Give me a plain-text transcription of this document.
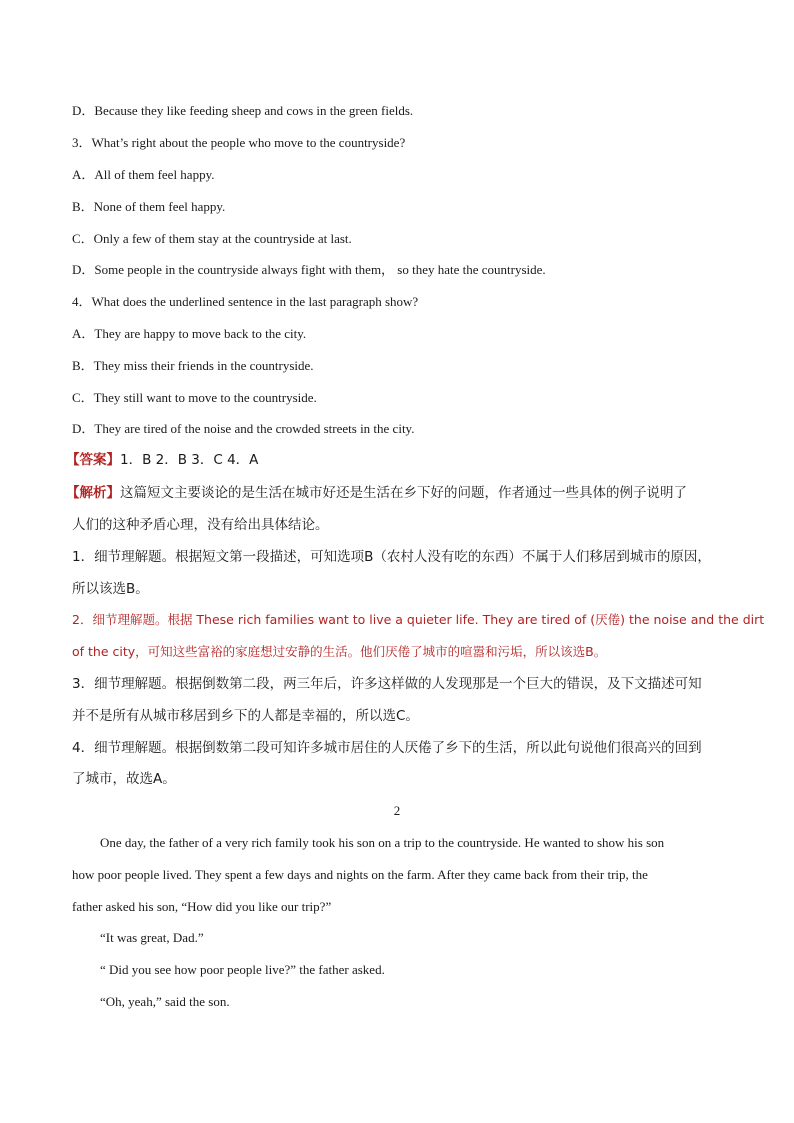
D．Because they like feeding sheep and cows in the green fields.
3．What’s right about the people who move to the countryside?
A．All of them feel happy.
B．None of them feel happy.
C．Only a few of them stay at the countryside at last.
D．Some people in the countryside always fight with them， so they hate the countryside.
4．What does the underlined sentence in the last paragraph show?
A．They are happy to move back to the city.
B．They miss their friends in the countryside.
C．They still want to move to the countryside.
D．They are tired of the noise and the crowded streets in the city.
【答案】1．B 2．B 3．C 4．A
【解析】这篇短文主要谈论的是生活在城市好还是生活在乡下好的问题，作者通过一些具体的例子说明了
人们的这种矛盾心理，没有给出具体结论。
1．细节理解题。根据短文第一段描述，可知选项B（农村人没有吃的东西）不属于人们移居到城市的原因，
所以该选B。
2．细节理解题。根据 These rich families want to live a quieter life. They are tired of (厌倦) the noise and the dirt
of the city，可知这些富裕的家庭想过安静的生活。他们厌倦了城市的喧嚣和污垢，所以该选B。
3．细节理解题。根据倒数第二段，两三年后，许多这样做的人发现那是一个巨大的错误，及下文描述可知
并不是所有从城市移居到乡下的人都是幸福的，所以选C。
4．细节理解题。根据倒数第二段可知许多城市居住的人厌倦了乡下的生活，所以此句说他们很高兴的回到
了城市，故选A。
2
One day, the father of a very rich family took his son on a trip to the countryside. He wanted to show his son
how poor people lived. They spent a few days and nights on the farm. After they came back from their trip, the
father asked his son, “How did you like our trip?”
“It was great, Dad.”
“ Did you see how poor people live?” the father asked.
“Oh, yeah,” said the son.
